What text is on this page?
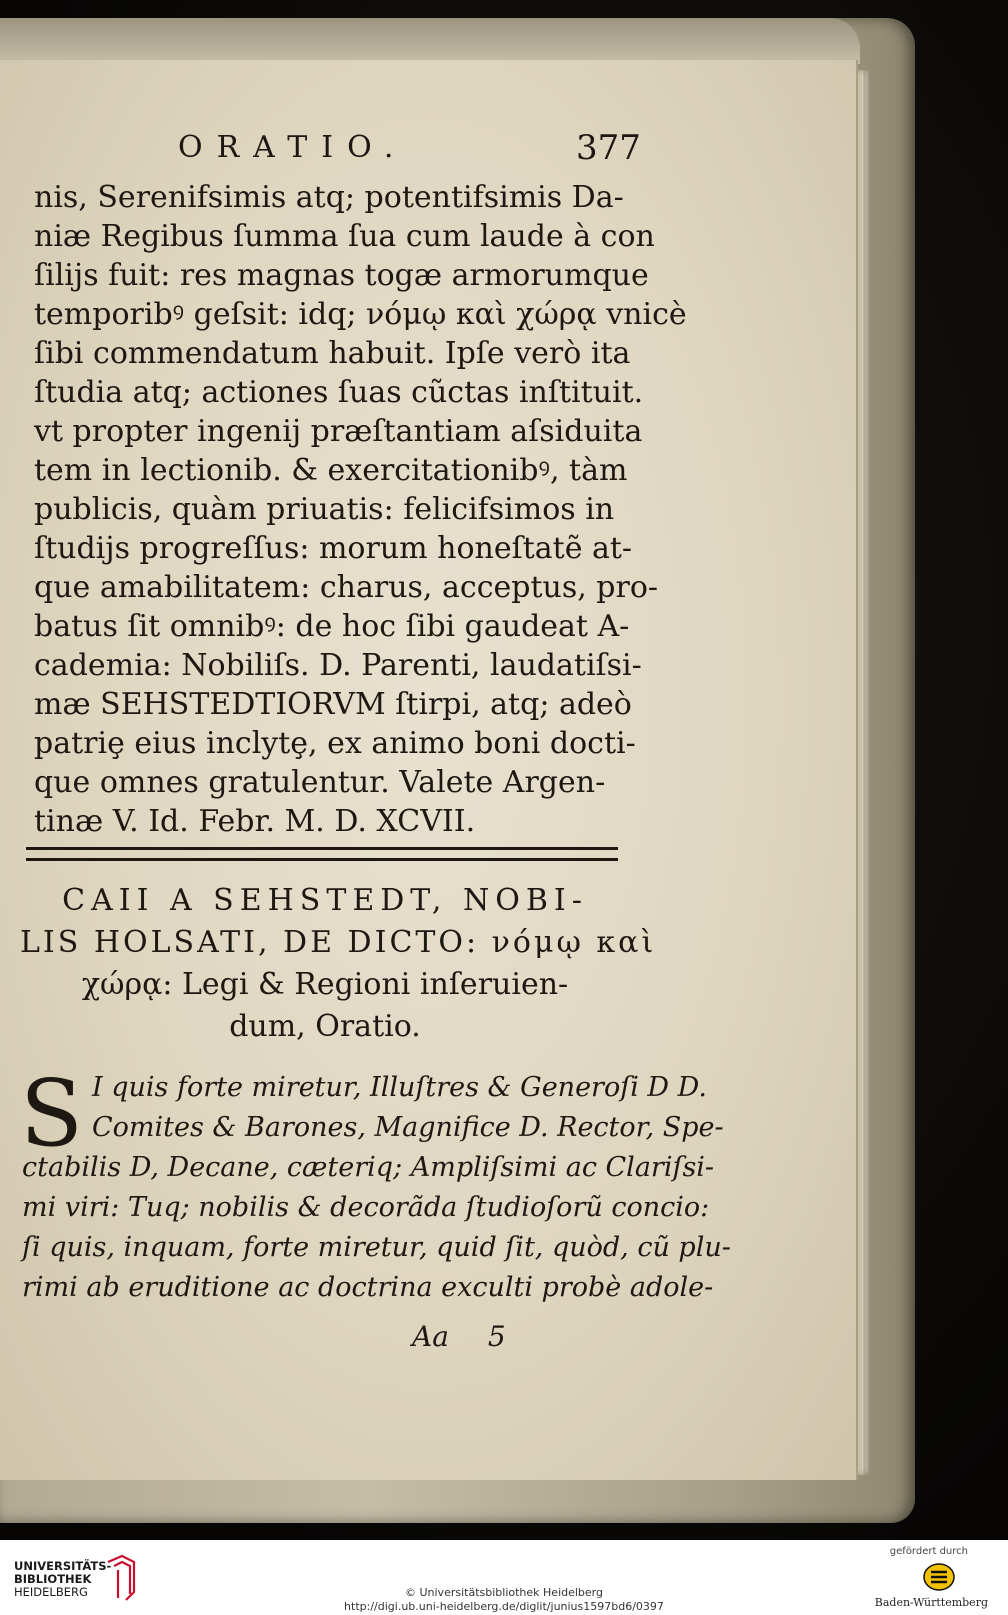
ORATIO.	377
nis, Serenifsimis atq; potentifsimis Da-
niæ Regibus ſumma ſua cum laude à con
ſilijs fuit: res magnas togæ armorumque
temporibꝰ geſsit: idq; νόμῳ καὶ χώρᾳ vnicè
ſibi commendatum habuit. Ipſe verò ita
ſtudia atq; actiones ſuas cũctas inſtituit.
vt propter ingenij præſtantiam aſsiduita
tem in lectionib. & exercitationibꝰ, tàm
publicis, quàm priuatis: felicifsimos in
ſtudijs progreſſus: morum honeſtatẽ at-
que amabilitatem: charus, acceptus, pro-
batus ſit omnibꝰ: de hoc ſibi gaudeat A-
cademia: Nobiliſs. D. Parenti, laudatiſsi-
mæ SEHSTEDTIORVM ſtirpi, atq; adeò
patriȩ eius inclytȩ, ex animo boni docti-
que omnes gratulentur. Valete Argen-
tinæ V. Id. Febr. M. D. XCVII.
CAII A SEHSTEDT, NOBI-
LIS HOLSATI, DE DICTO: νόμῳ καὶ
χώρᾳ: Legi & Regioni inſeruien-
dum, Oratio.
S I quis forte miretur, Illuſtres & Generoſi D D.
Comites & Barones, Magnifice D. Rector, Spe-
ctabilis D, Decane, cæteriq; Ampliſsimi ac Clariſsi-
mi viri: Tuq; nobilis & decorãda ſtudioſorũ concio:
ſi quis, inquam, forte miretur, quid ſit, quòd, cũ plu-
rimi ab eruditione ac doctrina exculti probè adole-
Aa 5
UNIVERSITÄTS-
BIBLIOTHEK
HEIDELBERG	© Universitätsbibliothek Heidelberg
http://digi.ub.uni-heidelberg.de/diglit/junius1597bd6/0397
gefördert durch
Baden-Württemberg
